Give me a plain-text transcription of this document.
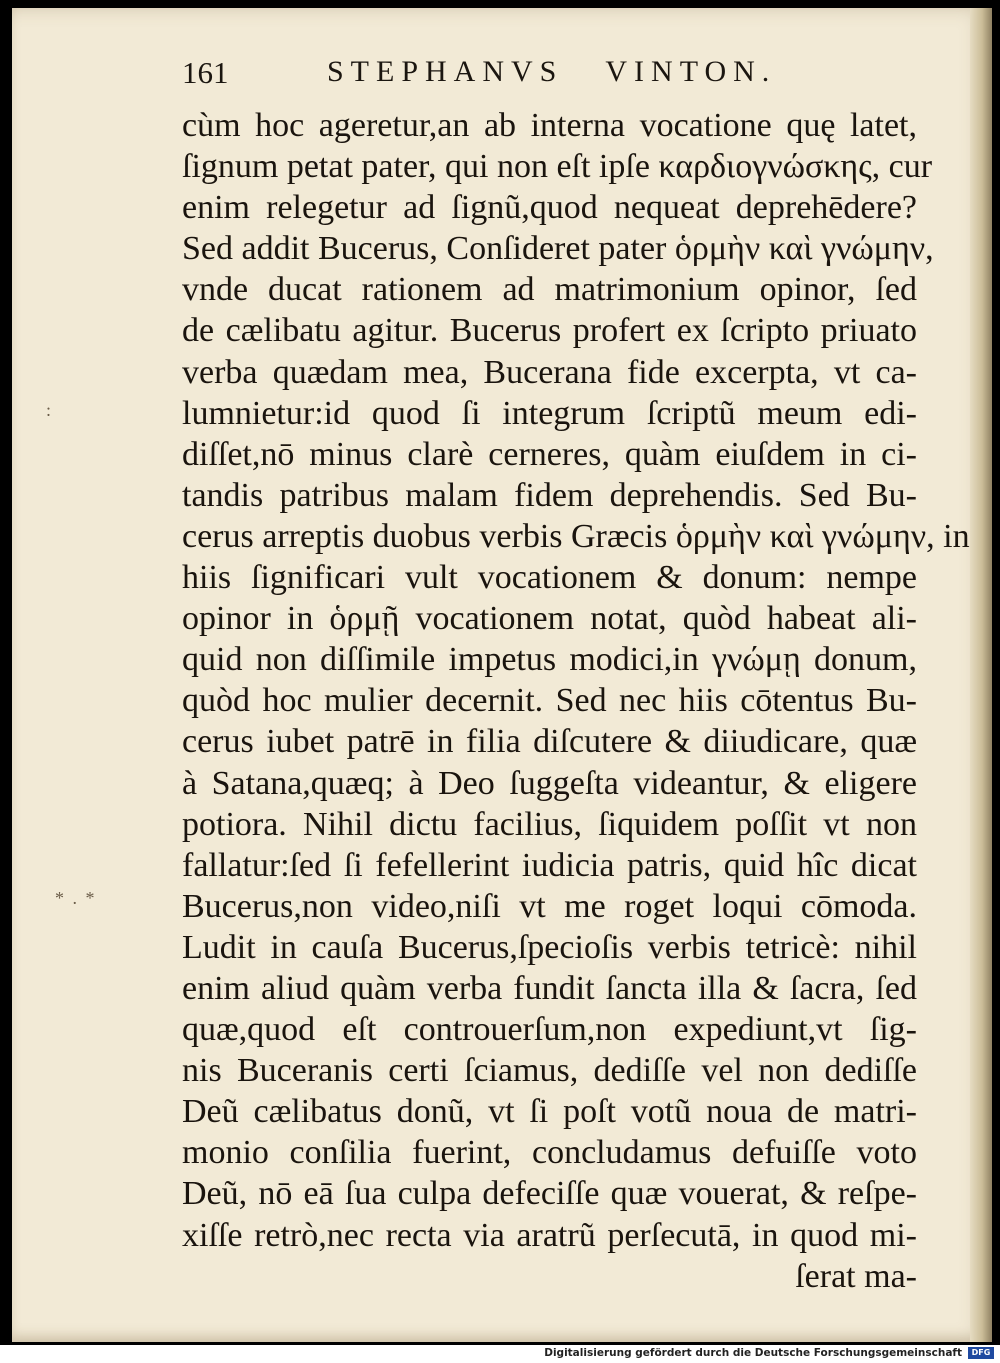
161	STEPHANVS VINTON.
:
* . *
cùm hoc ageretur,an ab interna vocatione quę latet,
ſignum petat pater, qui non eſt ipſe καρδιογνώσκης, cur
enim relegetur ad ſignũ,quod nequeat deprehēdere?
Sed addit Bucerus, Conſideret pater ὁρμὴν καὶ γνώμην,
vnde ducat rationem ad matrimonium opinor, ſed
de cælibatu agitur. Bucerus profert ex ſcripto priuato
verba quædam mea, Bucerana fide excerpta, vt ca-
lumnietur:id quod ſi integrum ſcriptũ meum edi-
diſſet,nō minus clarè cerneres, quàm eiuſdem in ci-
tandis patribus malam fidem deprehendis. Sed Bu-
cerus arreptis duobus verbis Græcis ὁρμὴν καὶ γνώμην, in
hiis ſignificari vult vocationem & donum: nempe
opinor in ὁρμῇ vocationem notat, quòd habeat ali-
quid non diſſimile impetus modici,in γνώμῃ donum,
quòd hoc mulier decernit. Sed nec hiis cōtentus Bu-
cerus iubet patrē in filia diſcutere & diiudicare, quæ
à Satana,quæq; à Deo ſuggeſta videantur, & eligere
potiora. Nihil dictu facilius, ſiquidem poſſit vt non
fallatur:ſed ſi fefellerint iudicia patris, quid hîc dicat
Bucerus,non video,niſi vt me roget loqui cōmoda.
Ludit in cauſa Bucerus,ſpecioſis verbis tetricè: nihil
enim aliud quàm verba fundit ſancta illa & ſacra, ſed
quæ,quod eſt controuerſum,non expediunt,vt ſig-
nis Buceranis certi ſciamus, dediſſe vel non dediſſe
Deũ cælibatus donũ, vt ſi poſt votũ noua de matri-
monio conſilia fuerint, concludamus defuiſſe voto
Deũ, nō eā ſua culpa defeciſſe quæ vouerat, & reſpe-
xiſſe retrò,nec recta via aratrũ perſecutā, in quod mi-
ſerat ma-
Digitalisierung gefördert durch die Deutsche Forschungsgemeinschaft	DFG
